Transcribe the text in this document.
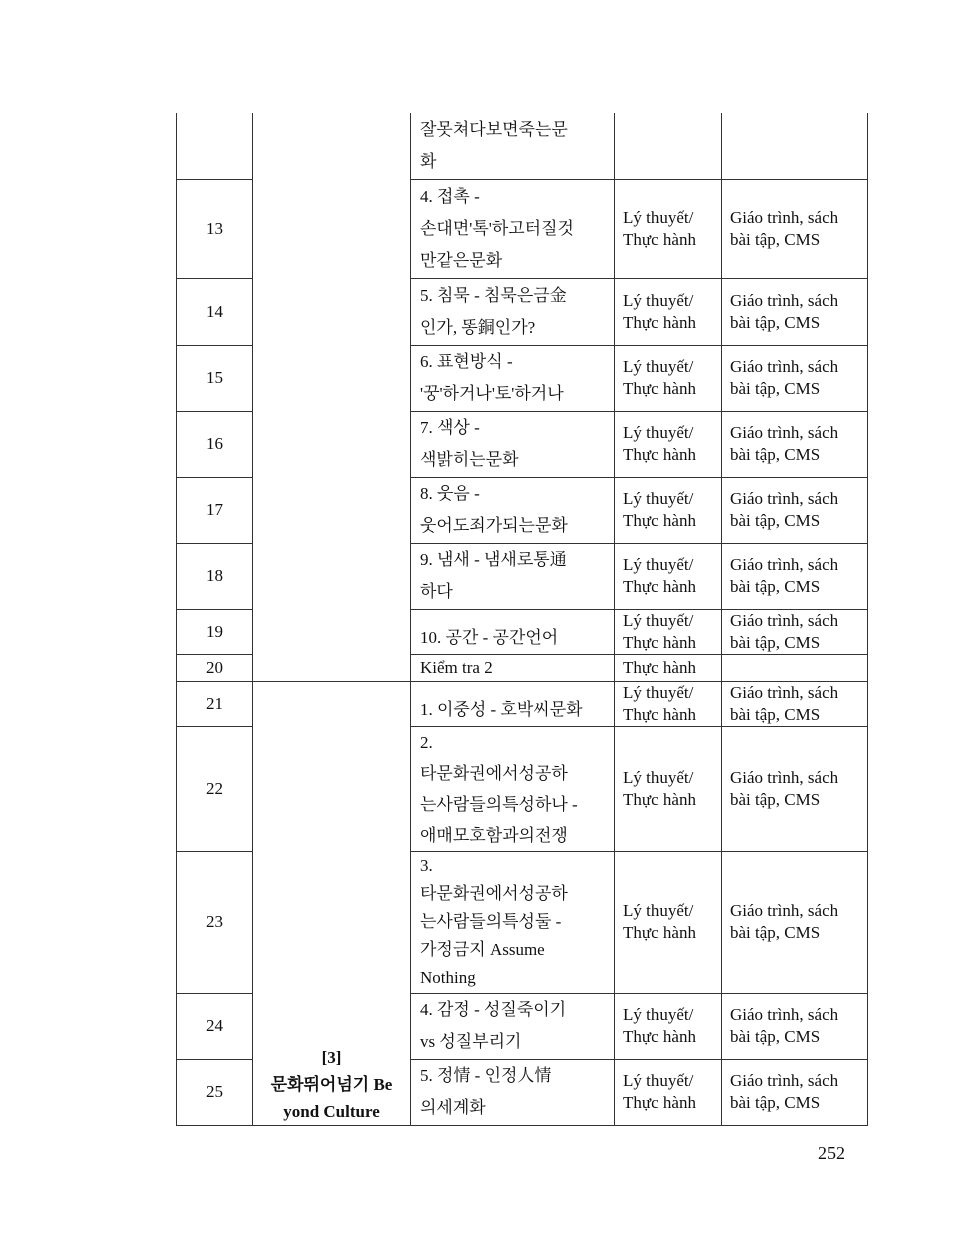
		잘못쳐다보면죽는문
화		
13		4. 접촉 -
손대면'톡'하고터질것
만같은문화	Lý thuyết/
Thực hành	Giáo trình, sách
bài tập, CMS
14		5. 침묵 - 침묵은금金
인가, 똥銅인가?	Lý thuyết/
Thực hành	Giáo trình, sách
bài tập, CMS
15		6. 표현방식 -
'꿍'하거나'토'하거나	Lý thuyết/
Thực hành	Giáo trình, sách
bài tập, CMS
16		7. 색상 -
색밝히는문화	Lý thuyết/
Thực hành	Giáo trình, sách
bài tập, CMS
17		8. 웃음 -
웃어도죄가되는문화	Lý thuyết/
Thực hành	Giáo trình, sách
bài tập, CMS
18		9. 냄새 - 냄새로통通
하다	Lý thuyết/
Thực hành	Giáo trình, sách
bài tập, CMS
19		10. 공간 - 공간언어	Lý thuyết/
Thực hành	Giáo trình, sách
bài tập, CMS
20		Kiểm tra 2	Thực hành	
21	[3]
문화뛰어넘기 Be
yond Culture	1. 이중성 - 호박씨문화	Lý thuyết/
Thực hành	Giáo trình, sách
bài tập, CMS
22		2.
타문화권에서성공하
는사람들의특성하나 -
애매모호함과의전쟁	Lý thuyết/
Thực hành	Giáo trình, sách
bài tập, CMS
23		3.
타문화권에서성공하
는사람들의특성둘 -
가정금지 Assume
Nothing	Lý thuyết/
Thực hành	Giáo trình, sách
bài tập, CMS
24		4. 감정 - 성질죽이기
vs 성질부리기	Lý thuyết/
Thực hành	Giáo trình, sách
bài tập, CMS
25		5. 정情 - 인정人情
의세계화	Lý thuyết/
Thực hành	Giáo trình, sách
bài tập, CMS
252
